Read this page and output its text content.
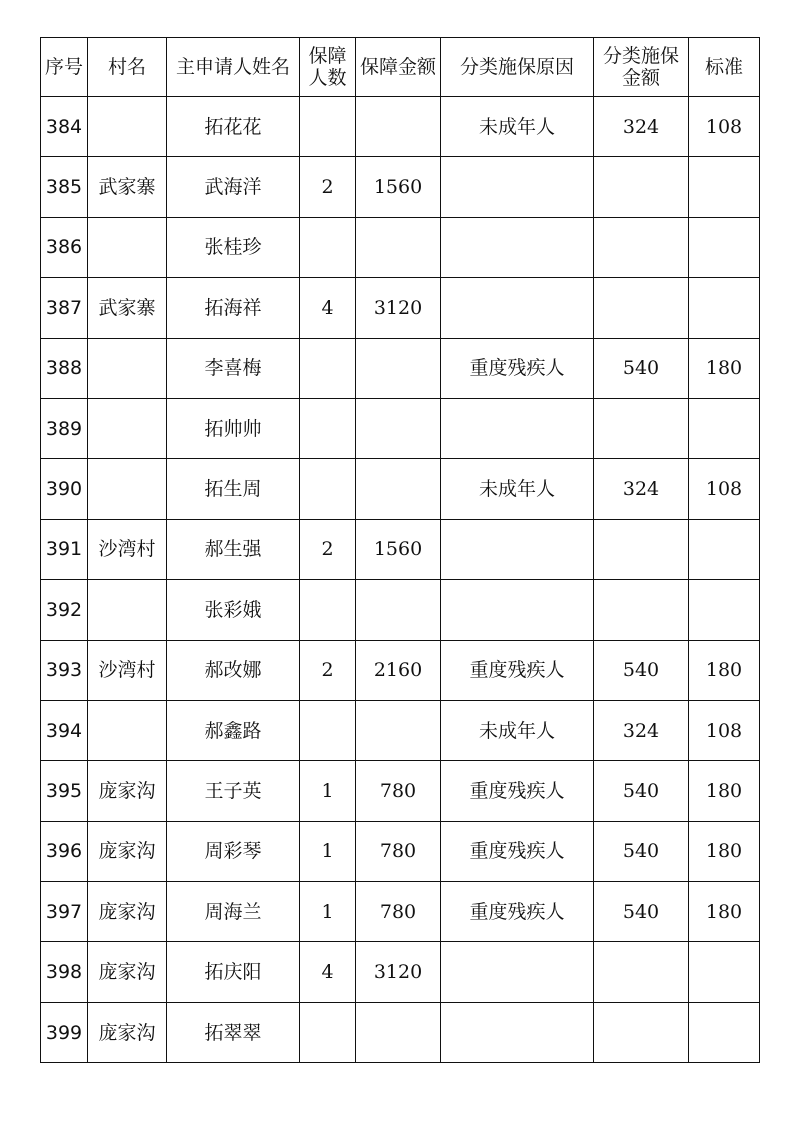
序号	村名	主申请人姓名	保障人数	保障金额	分类施保原因	分类施保金额	标准
384		拓花花			未成年人	324	108
385	武家寨	武海洋	2	1560			
386		张桂珍					
387	武家寨	拓海祥	4	3120			
388		李喜梅			重度残疾人	540	180
389		拓帅帅					
390		拓生周			未成年人	324	108
391	沙湾村	郝生强	2	1560			
392		张彩娥					
393	沙湾村	郝改娜	2	2160	重度残疾人	540	180
394		郝鑫路			未成年人	324	108
395	庞家沟	王子英	1	780	重度残疾人	540	180
396	庞家沟	周彩琴	1	780	重度残疾人	540	180
397	庞家沟	周海兰	1	780	重度残疾人	540	180
398	庞家沟	拓庆阳	4	3120			
399	庞家沟	拓翠翠					
